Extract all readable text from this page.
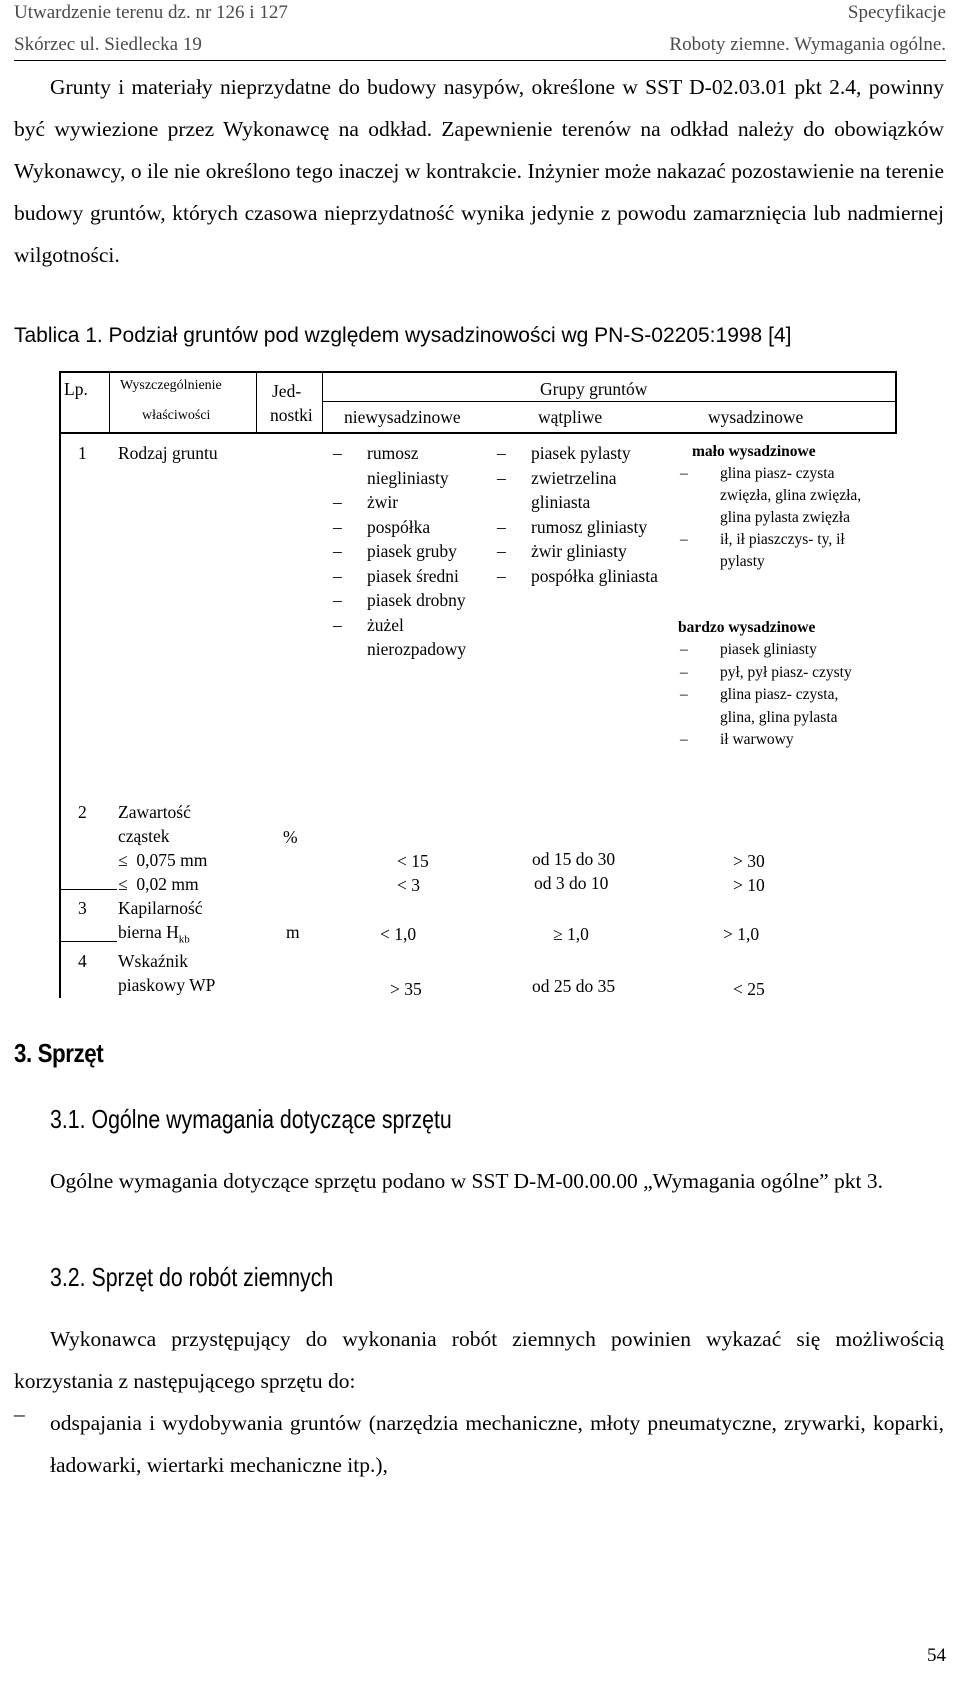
Utwardzenie terenu dz. nr 126 i 127
Skórzec ul. Siedlecka 19
Specyfikacje
Roboty ziemne. Wymagania ogólne.

Grunty i materiały nieprzydatne do budowy nasypów, określone w SST D-02.03.01 pkt 2.4, powinny być wywiezione przez Wykonawcę na odkład. Zapewnienie terenów na odkład należy do obowiązków Wykonawcy, o ile nie określono tego inaczej w kontrakcie. Inżynier może nakazać pozostawienie na terenie budowy gruntów, których czasowa nieprzydatność wynika jedynie z powodu zamarznięcia lub nadmiernej wilgotności.

Tablica 1. Podział gruntów pod względem wysadzinowości wg PN-S-02205:1998 [4]
Lp. Wyszczególnienie
właściwości
Jed-
nostki
Grupy gruntów
niewysadzinowe	wątpliwe	wysadzinowe
1 Rodzaj gruntu
–	rumosz niegliniasty
– żwir
– pospółka
– piasek gruby
– piasek średni
– piasek drobny
– żużel nierozpadowy
– piasek pylasty
– zwietrzelina gliniasta
– rumosz gliniasty
– żwir gliniasty
– pospółka gliniasta
mało wysadzinowe
– glina piasz- czysta zwięzła, glina zwięzła, glina pylasta zwięzła
– ił, ił piaszczys- ty, ił pylasty
bardzo wysadzinowe
– piasek gliniasty
– pył, pył piasz- czysty
– glina piasz- czysta, glina, glina pylasta
– ił warwowy
2 Zawartość
cząstek
≤ 0,075 mm
≤ 0,02 mm
%
< 15
< 3
od 15 do 30
od 3 do 10
> 30
> 10
3 Kapilarność
bierna $H_{kb}$	m	< 1,0	≥ 1,0	> 1,0
4 Wskaźnik
piaskowy WP	> 35	od 25 do 35	< 25
3. Sprzęt
3.1. Ogólne wymagania dotyczące sprzętu

Ogólne wymagania dotyczące sprzętu podano w SST D-M-00.00.00 „Wymagania ogólne” pkt 3.

3.2. Sprzęt do robót ziemnych

Wykonawca przystępujący do wykonania robót ziemnych powinien wykazać się możliwością korzystania z następującego sprzętu do:

– odspajania i wydobywania gruntów (narzędzia mechaniczne, młoty pneumatyczne, zrywarki, koparki, ładowarki, wiertarki mechaniczne itp.),

54
